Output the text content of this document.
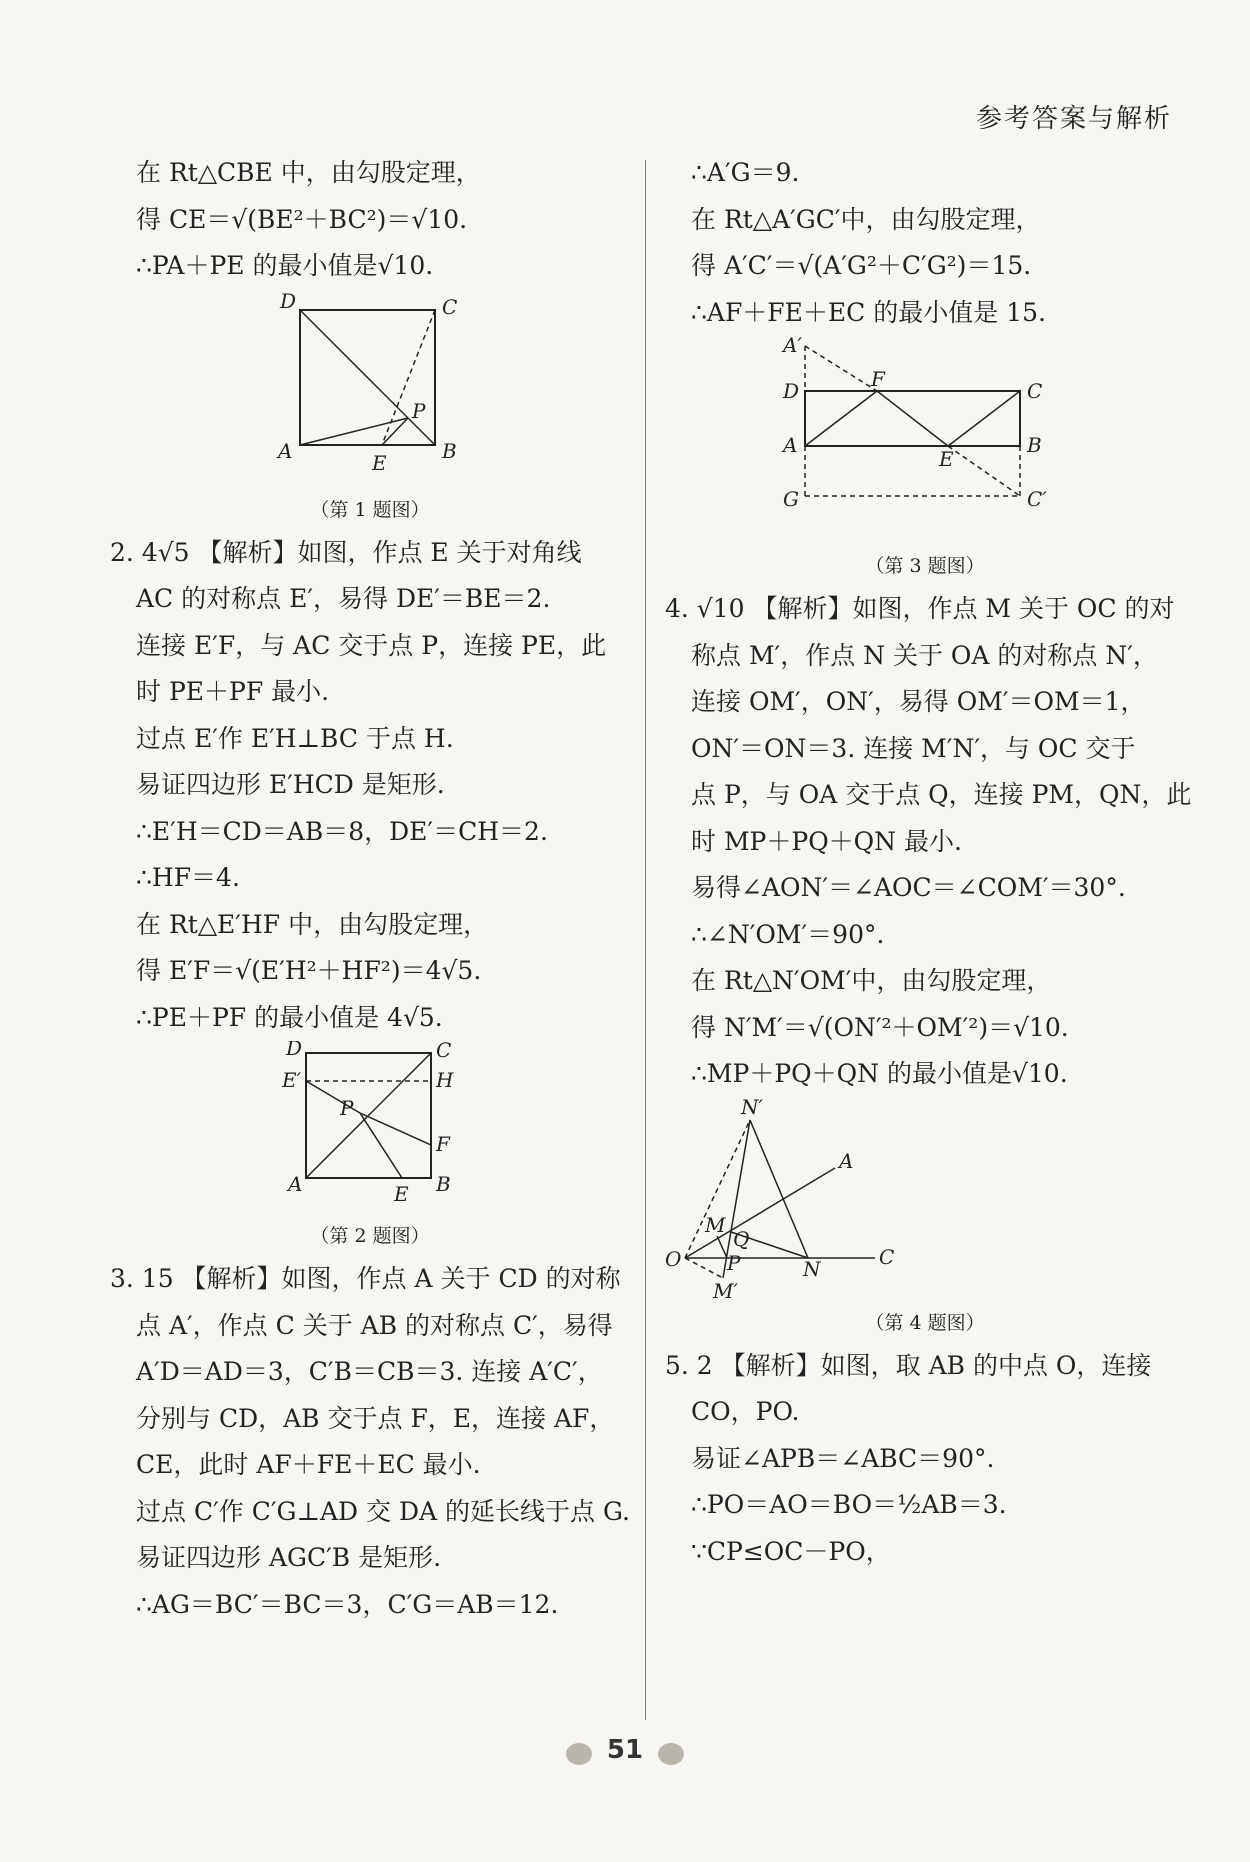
参考答案与解析
在 Rt△CBE 中，由勾股定理，
得 CE＝√(BE²＋BC²)＝√10.
∴PA＋PE 的最小值是√10.
D	C
P
A	E	B
（第 1 题图）
2. 4√5 【解析】如图，作点 E 关于对角线
AC 的对称点 E′，易得 DE′＝BE＝2.
连接 E′F，与 AC 交于点 P，连接 PE，此
时 PE＋PF 最小.
过点 E′作 E′H⊥BC 于点 H.
易证四边形 E′HCD 是矩形.
∴E′H＝CD＝AB＝8，DE′＝CH＝2.
∴HF＝4.
在 Rt△E′HF 中，由勾股定理，
得 E′F＝√(E′H²＋HF²)＝4√5.
∴PE＋PF 的最小值是 4√5.
D	C
E′	H
P
F
A	E B
（第 2 题图）
3. 15 【解析】如图，作点 A 关于 CD 的对称
点 A′，作点 C 关于 AB 的对称点 C′，易得
A′D＝AD＝3，C′B＝CB＝3. 连接 A′C′，
分别与 CD，AB 交于点 F，E，连接 AF，
CE，此时 AF＋FE＋EC 最小.
过点 C′作 C′G⊥AD 交 DA 的延长线于点 G.
易证四边形 AGC′B 是矩形.
∴AG＝BC′＝BC＝3，C′G＝AB＝12.
∴A′G＝9.
在 Rt△A′GC′中，由勾股定理，
得 A′C′＝√(A′G²＋C′G²)＝15.
∴AF＋FE＋EC 的最小值是 15.
A′
D	F	C
A
E
B
G	C′
（第 3 题图）
4. √10 【解析】如图，作点 M 关于 OC 的对
称点 M′，作点 N 关于 OA 的对称点 N′，
连接 OM′，ON′，易得 OM′＝OM＝1，
ON′＝ON＝3. 连接 M′N′，与 OC 交于
点 P，与 OA 交于点 Q，连接 PM，QN，此
时 MP＋PQ＋QN 最小.
易得∠AON′＝∠AOC＝∠COM′＝30°.
∴∠N′OM′＝90°.
在 Rt△N′OM′中，由勾股定理，
得 N′M′＝√(ON′²＋OM′²)＝√10.
∴MP＋PQ＋QN 的最小值是√10.
N′
A
M
Q
O P	N	C
M′
（第 4 题图）
5. 2 【解析】如图，取 AB 的中点 O，连接
CO，PO.
易证∠APB＝∠ABC＝90°.
∴PO＝AO＝BO＝½AB＝3.
∵CP≤OC－PO，
51
